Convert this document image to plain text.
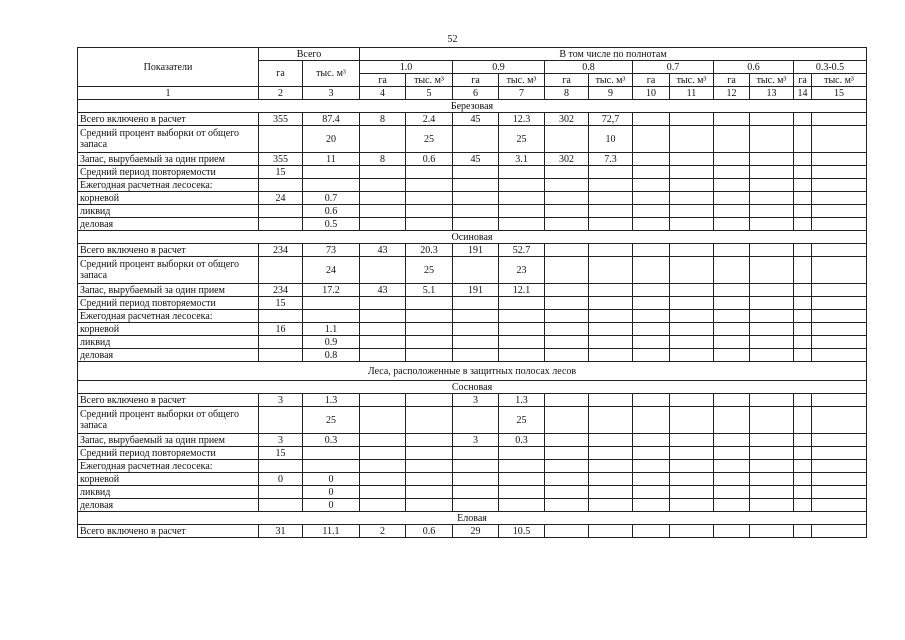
52
Показатели	Всего		В том числе по полнотам											
	га	тыс. м³	1.0		0.9		0.8		0.7		0.6		0.3-0.5	
			га	тыс. м³	га	тыс. м³	га	тыс. м³	га	тыс. м³	га	тыс. м³	га	тыс. м³
1	2	3	4	5	6	7	8	9	10	11	12	13	14	15
Березовая														
Всего включено в расчет	355	87.4	8	2.4	45	12.3	302	72,7						
Средний процент выборки от общего запаса		20		25		25		10						
Запас, вырубаемый за один прием	355	11	8	0.6	45	3.1	302	7.3						
Средний период повторяемости	15													
Ежегодная расчетная лесосека:														
корневой	24	0.7												
ликвид		0.6												
деловая		0.5												
Осиновая														
Всего включено в расчет	234	73	43	20.3	191	52.7								
Средний процент выборки от общего запаса		24		25		23								
Запас, вырубаемый за один прием	234	17.2	43	5.1	191	12.1								
Средний период повторяемости	15													
Ежегодная расчетная лесосека:														
корневой	16	1.1												
ликвид		0.9												
деловая		0.8												
Леса, расположенные в защитных полосах лесов														
Сосновая														
Всего включено в расчет	3	1.3			3	1.3								
Средний процент выборки от общего запаса		25				25								
Запас, вырубаемый за один прием	3	0.3			3	0.3								
Средний период повторяемости	15													
Ежегодная расчетная лесосека:														
корневой	0	0												
ликвид		0												
деловая		0												
Еловая														
Всего включено в расчет	31	11.1	2	0.6	29	10.5								
